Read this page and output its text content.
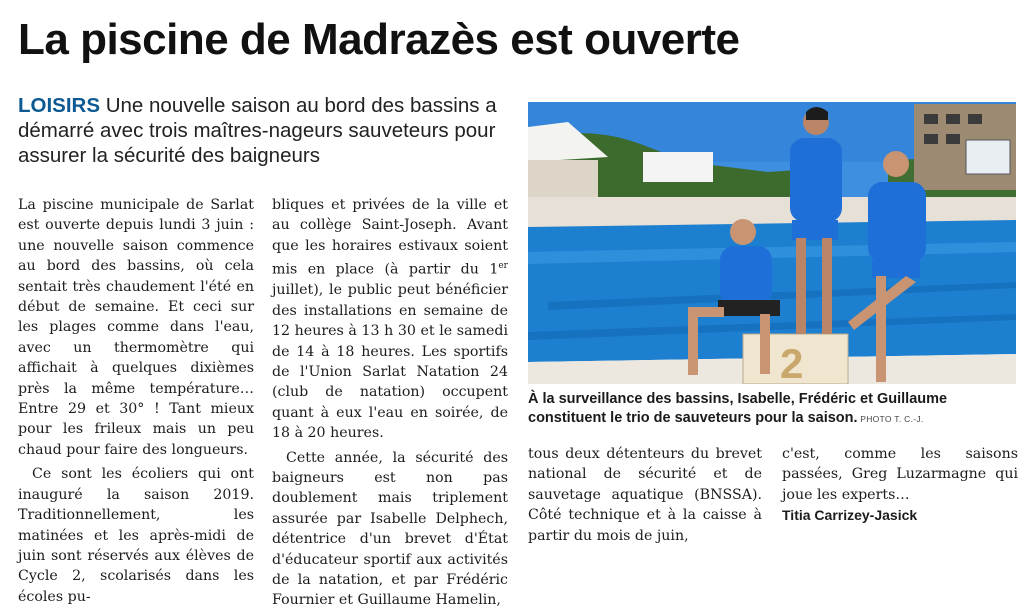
La piscine de Madrazès est ouverte
LOISIRS Une nouvelle saison au bord des bassins a démarré avec trois maîtres-nageurs sauveteurs pour assurer la sécurité des baigneurs

La piscine municipale de Sarlat est ouverte depuis lundi 3 juin : une nouvelle saison commence au bord des bassins, où cela sentait très chaudement l'été en début de semaine. Et ceci sur les plages comme dans l'eau, avec un thermomètre qui affichait à quelques dixièmes près la même température… Entre 29 et 30° ! Tant mieux pour les frileux mais un peu chaud pour faire des longueurs.

Ce sont les écoliers qui ont inauguré la saison 2019. Traditionnellement, les matinées et les après-midi de juin sont réservés aux élèves de Cycle 2, scolarisés dans les écoles pu-

bliques et privées de la ville et au collège Saint-Joseph. Avant que les horaires estivaux soient mis en place (à partir du 1er juillet), le public peut bénéficier des installations en semaine de 12 heures à 13 h 30 et le samedi de 14 à 18 heures. Les sportifs de l'Union Sarlat Natation 24 (club de natation) occupent quant à eux l'eau en soirée, de 18 à 20 heures.

Cette année, la sécurité des baigneurs est non pas doublement mais triplement assurée par Isabelle Delphech, détentrice d'un brevet d'État d'éducateur sportif aux activités de la natation, et par Frédéric Fournier et Guillaume Hamelin,

2
À la surveillance des bassins, Isabelle, Frédéric et Guillaume constituent le trio de sauveteurs pour la saison. PHOTO T. C.-J.

tous deux détenteurs du brevet national de sécurité et de sauvetage aquatique (BNSSA). Côté technique et à la caisse à partir du mois de juin,

c'est, comme les saisons passées, Greg Luzarmagne qui joue les experts…

Titia Carrizey-Jasick
